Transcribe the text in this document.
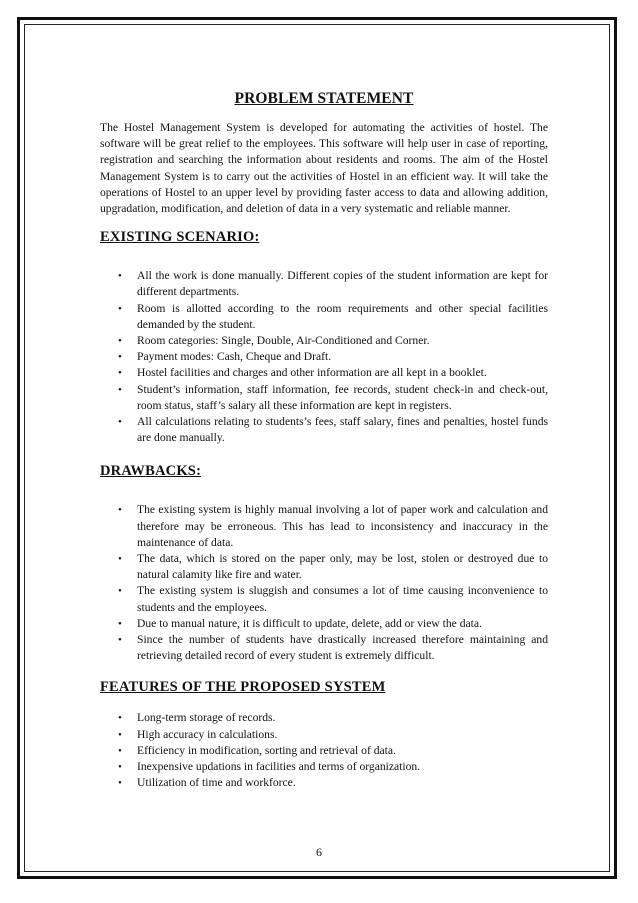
PROBLEM STATEMENT

The Hostel Management System is developed for automating the activities of hostel. The software will be great relief to the employees. This software will help user in case of reporting, registration and searching the information about residents and rooms. The aim of the Hostel Management System is to carry out the activities of Hostel in an efficient way. It will take the operations of Hostel to an upper level by providing faster access to data and allowing addition, upgradation, modification, and deletion of data in a very systematic and reliable manner.

EXISTING SCENARIO:
• All the work is done manually. Different copies of the student information are kept for different departments.
• Room is allotted according to the room requirements and other special facilities demanded by the student.
• Room categories: Single, Double, Air-Conditioned and Corner.
• Payment modes: Cash, Cheque and Draft.
• Hostel facilities and charges and other information are all kept in a booklet.
• Student’s information, staff information, fee records, student check-in and check-out, room status, staff’s salary all these information are kept in registers.
• All calculations relating to students’s fees, staff salary, fines and penalties, hostel funds are done manually.
DRAWBACKS:
• The existing system is highly manual involving a lot of paper work and calculation and therefore may be erroneous. This has lead to inconsistency and inaccuracy in the maintenance of data.
• The data, which is stored on the paper only, may be lost, stolen or destroyed due to natural calamity like fire and water.
• The existing system is sluggish and consumes a lot of time causing inconvenience to students and the employees.
• Due to manual nature, it is difficult to update, delete, add or view the data.
• Since the number of students have drastically increased therefore maintaining and retrieving detailed record of every student is extremely difficult.
FEATURES OF THE PROPOSED SYSTEM
• Long-term storage of records.
• High accuracy in calculations.
• Efficiency in modification, sorting and retrieval of data.
• Inexpensive updations in facilities and terms of organization.
• Utilization of time and workforce.
6
